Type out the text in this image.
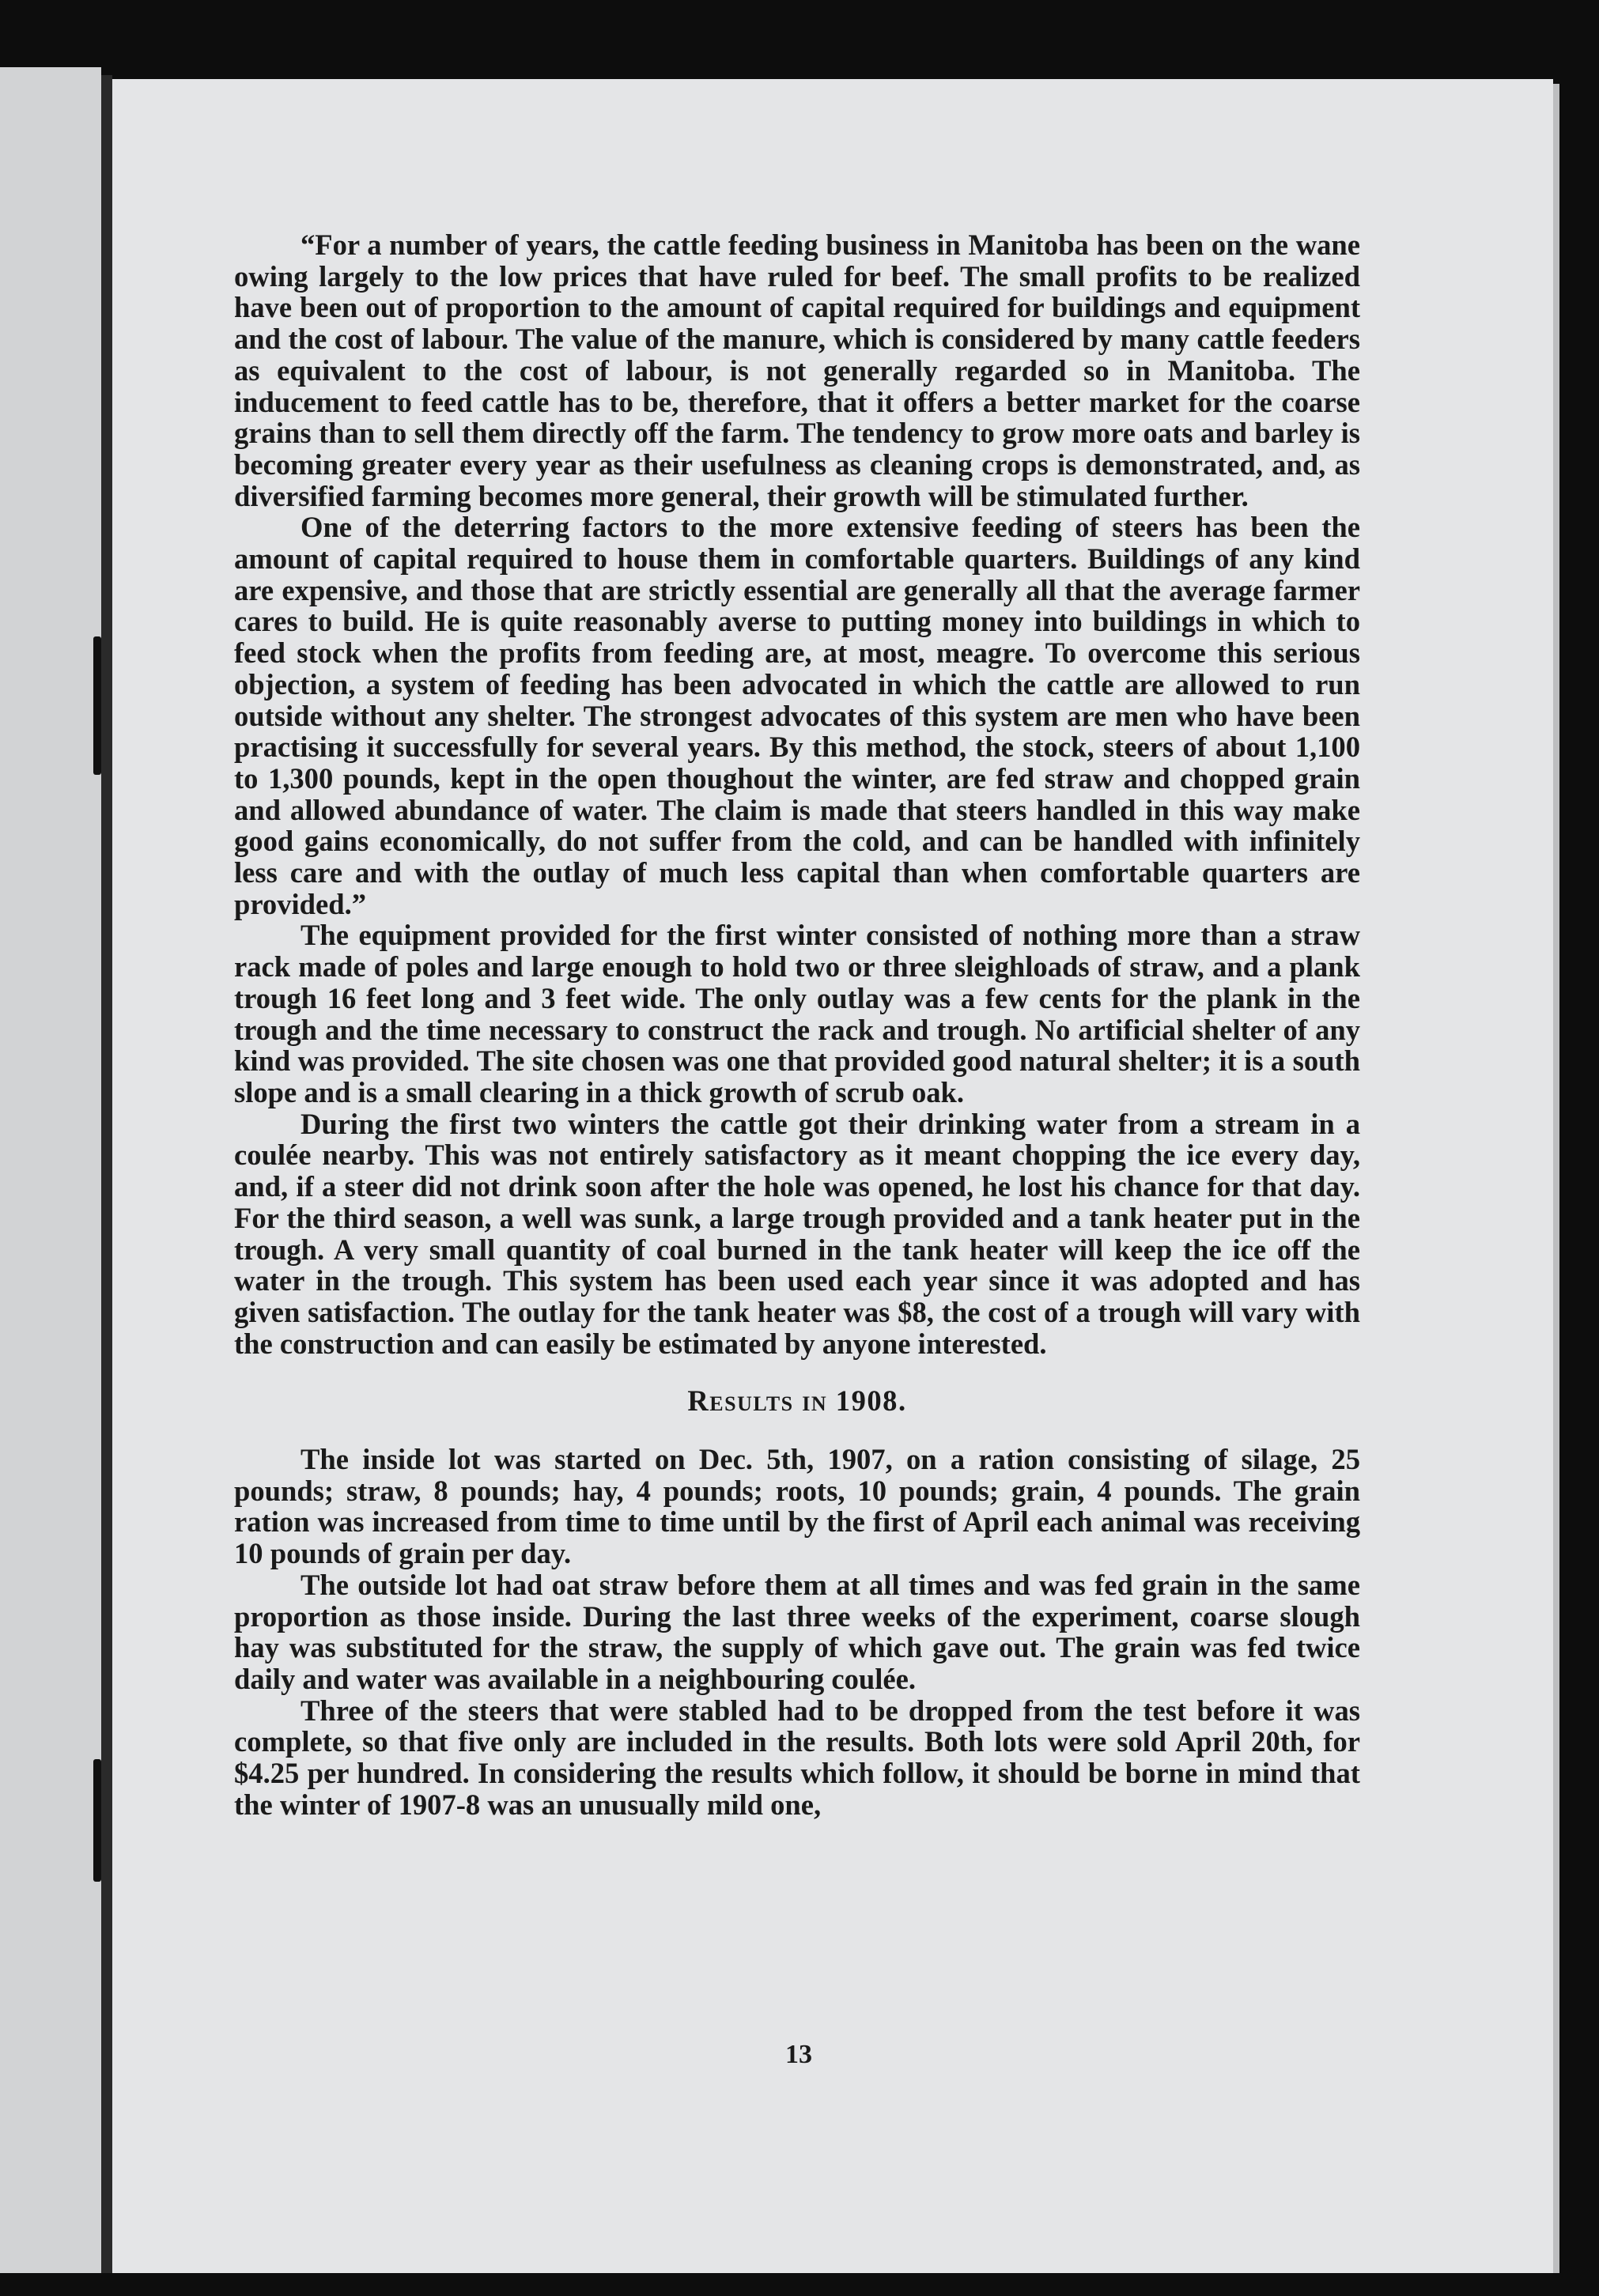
“For a number of years, the cattle feeding business in Manitoba has been on the wane owing largely to the low prices that have ruled for beef. The small profits to be realized have been out of proportion to the amount of capital required for buildings and equipment and the cost of labour. The value of the manure, which is considered by many cattle feeders as equivalent to the cost of labour, is not generally regarded so in Manitoba. The inducement to feed cattle has to be, therefore, that it offers a better market for the coarse grains than to sell them directly off the farm. The tendency to grow more oats and barley is becoming greater every year as their usefulness as cleaning crops is demonstrated, and, as diversified farming becomes more general, their growth will be stimulated further.

One of the deterring factors to the more extensive feeding of steers has been the amount of capital required to house them in comfortable quarters. Buildings of any kind are expensive, and those that are strictly essential are generally all that the average farmer cares to build. He is quite reasonably averse to putting money into buildings in which to feed stock when the profits from feeding are, at most, meagre. To overcome this serious objection, a system of feeding has been advocated in which the cattle are allowed to run outside without any shelter. The strongest advocates of this system are men who have been practising it successfully for several years. By this method, the stock, steers of about 1,100 to 1,300 pounds, kept in the open thoughout the winter, are fed straw and chopped grain and allowed abundance of water. The claim is made that steers handled in this way make good gains economically, do not suffer from the cold, and can be handled with infinitely less care and with the outlay of much less capital than when comfortable quarters are provided.”

The equipment provided for the first winter consisted of nothing more than a straw rack made of poles and large enough to hold two or three sleighloads of straw, and a plank trough 16 feet long and 3 feet wide. The only outlay was a few cents for the plank in the trough and the time necessary to construct the rack and trough. No artificial shelter of any kind was provided. The site chosen was one that provided good natural shelter; it is a south slope and is a small clearing in a thick growth of scrub oak.

During the first two winters the cattle got their drinking water from a stream in a coulée nearby. This was not entirely satisfactory as it meant chopping the ice every day, and, if a steer did not drink soon after the hole was opened, he lost his chance for that day. For the third season, a well was sunk, a large trough provided and a tank heater put in the trough. A very small quantity of coal burned in the tank heater will keep the ice off the water in the trough. This system has been used each year since it was adopted and has given satisfaction. The outlay for the tank heater was $8, the cost of a trough will vary with the construction and can easily be estimated by anyone interested.

Results in 1908.

The inside lot was started on Dec. 5th, 1907, on a ration consisting of silage, 25 pounds; straw, 8 pounds; hay, 4 pounds; roots, 10 pounds; grain, 4 pounds. The grain ration was increased from time to time until by the first of April each animal was receiving 10 pounds of grain per day.

The outside lot had oat straw before them at all times and was fed grain in the same proportion as those inside. During the last three weeks of the experiment, coarse slough hay was substituted for the straw, the supply of which gave out. The grain was fed twice daily and water was available in a neighbouring coulée.

Three of the steers that were stabled had to be dropped from the test before it was complete, so that five only are included in the results. Both lots were sold April 20th, for $4.25 per hundred. In considering the results which follow, it should be borne in mind that the winter of 1907-8 was an unusually mild one,

13
